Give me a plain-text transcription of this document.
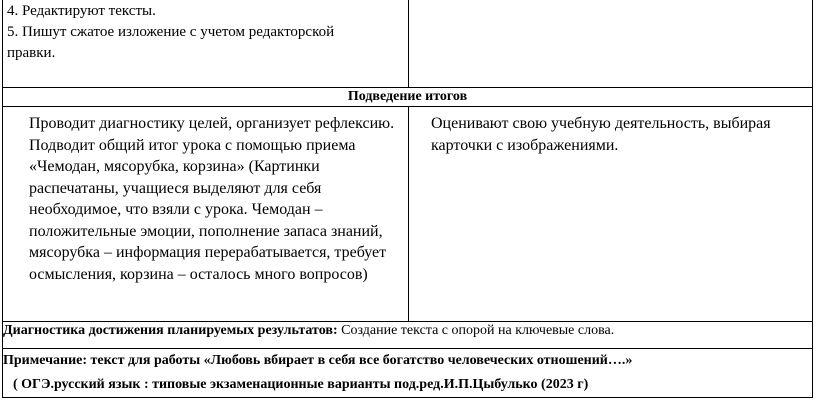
4. Редактируют тексты.
5. Пишут сжатое изложение с учетом редакторской
правки.	

Подведение итогов	

Проводит диагностику целей, организует рефлексию. Подводит общий итог урока с помощью приема «Чемодан, мясорубка, корзина» (Картинки распечатаны, учащиеся выделяют для себя необходимое, что взяли с урока. Чемодан – положительные эмоции, пополнение запаса знаний, мясорубка – информация перерабатывается, требует осмысления, корзина – осталось много вопросов)	Оценивают свою учебную деятельность, выбирая карточки с изображениями.

Диагностика достижения планируемых результатов: Создание текста с опорой на ключевые слова.	

Примечание: текст для работы «Любовь вбирает в себя все богатство человеческих отношений….»
( ОГЭ.русский язык : типовые экзаменационные варианты под.ред.И.П.Цыбулько (2023 г)	
